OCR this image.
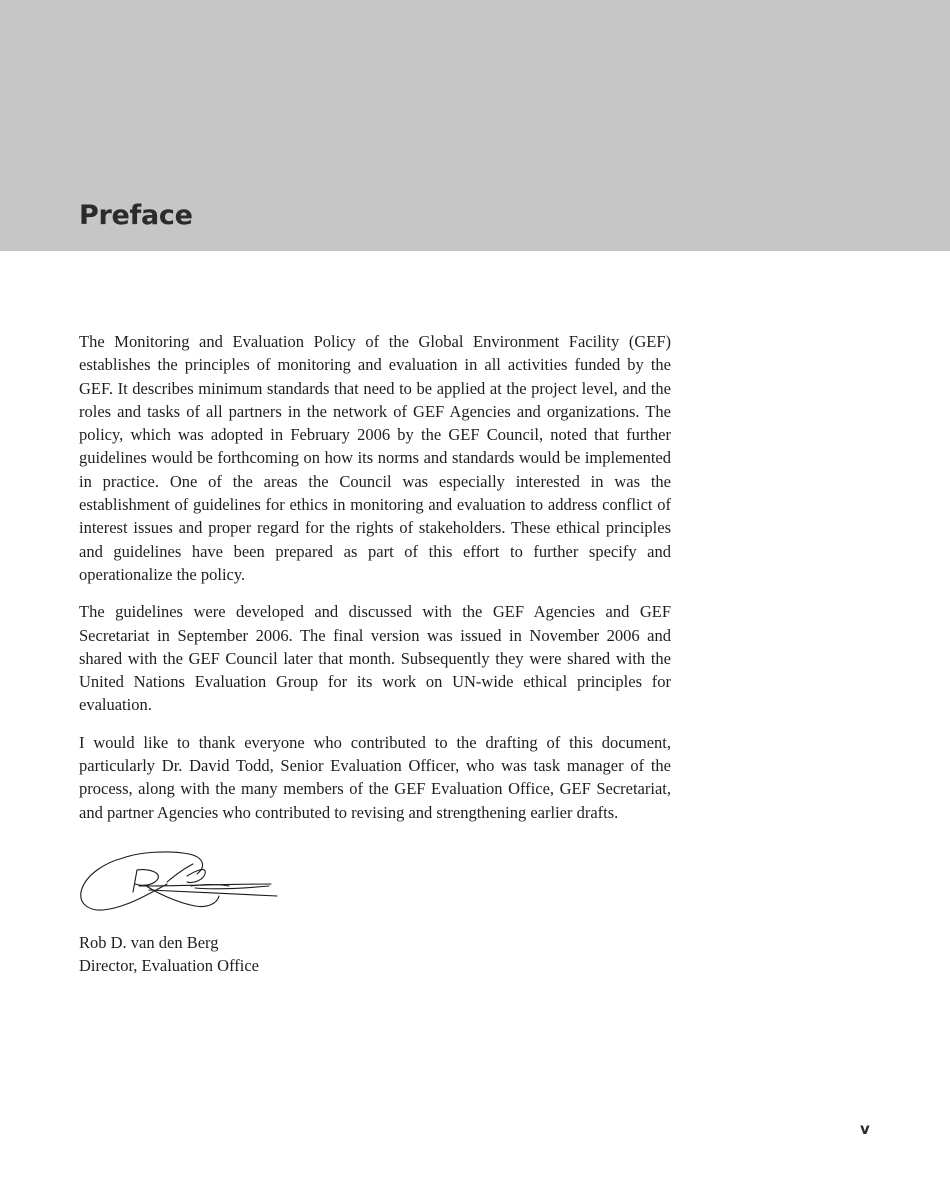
Preface

The Monitoring and Evaluation Policy of the Global Environment Facility (GEF) establishes the principles of monitoring and evaluation in all activities funded by the GEF. It describes minimum standards that need to be applied at the project level, and the roles and tasks of all partners in the network of GEF Agencies and organizations. The policy, which was adopted in February 2006 by the GEF Council, noted that further guidelines would be forthcoming on how its norms and standards would be implemented in practice. One of the areas the Council was especially interested in was the establishment of guidelines for ethics in monitoring and evaluation to address conflict of interest issues and proper regard for the rights of stakeholders. These ethical principles and guidelines have been prepared as part of this effort to further specify and operationalize the policy.

The guidelines were developed and discussed with the GEF Agencies and GEF Secretariat in September 2006. The final version was issued in November 2006 and shared with the GEF Council later that month. Subsequently they were shared with the United Nations Evaluation Group for its work on UN-wide ethical principles for evaluation.

I would like to thank everyone who contributed to the drafting of this document, particularly Dr. David Todd, Senior Evaluation Officer, who was task manager of the process, along with the many members of the GEF Evaluation Office, GEF Secretariat, and partner Agencies who contributed to revising and strengthening earlier drafts.

Rob D. van den Berg
Director, Evaluation Office
v
